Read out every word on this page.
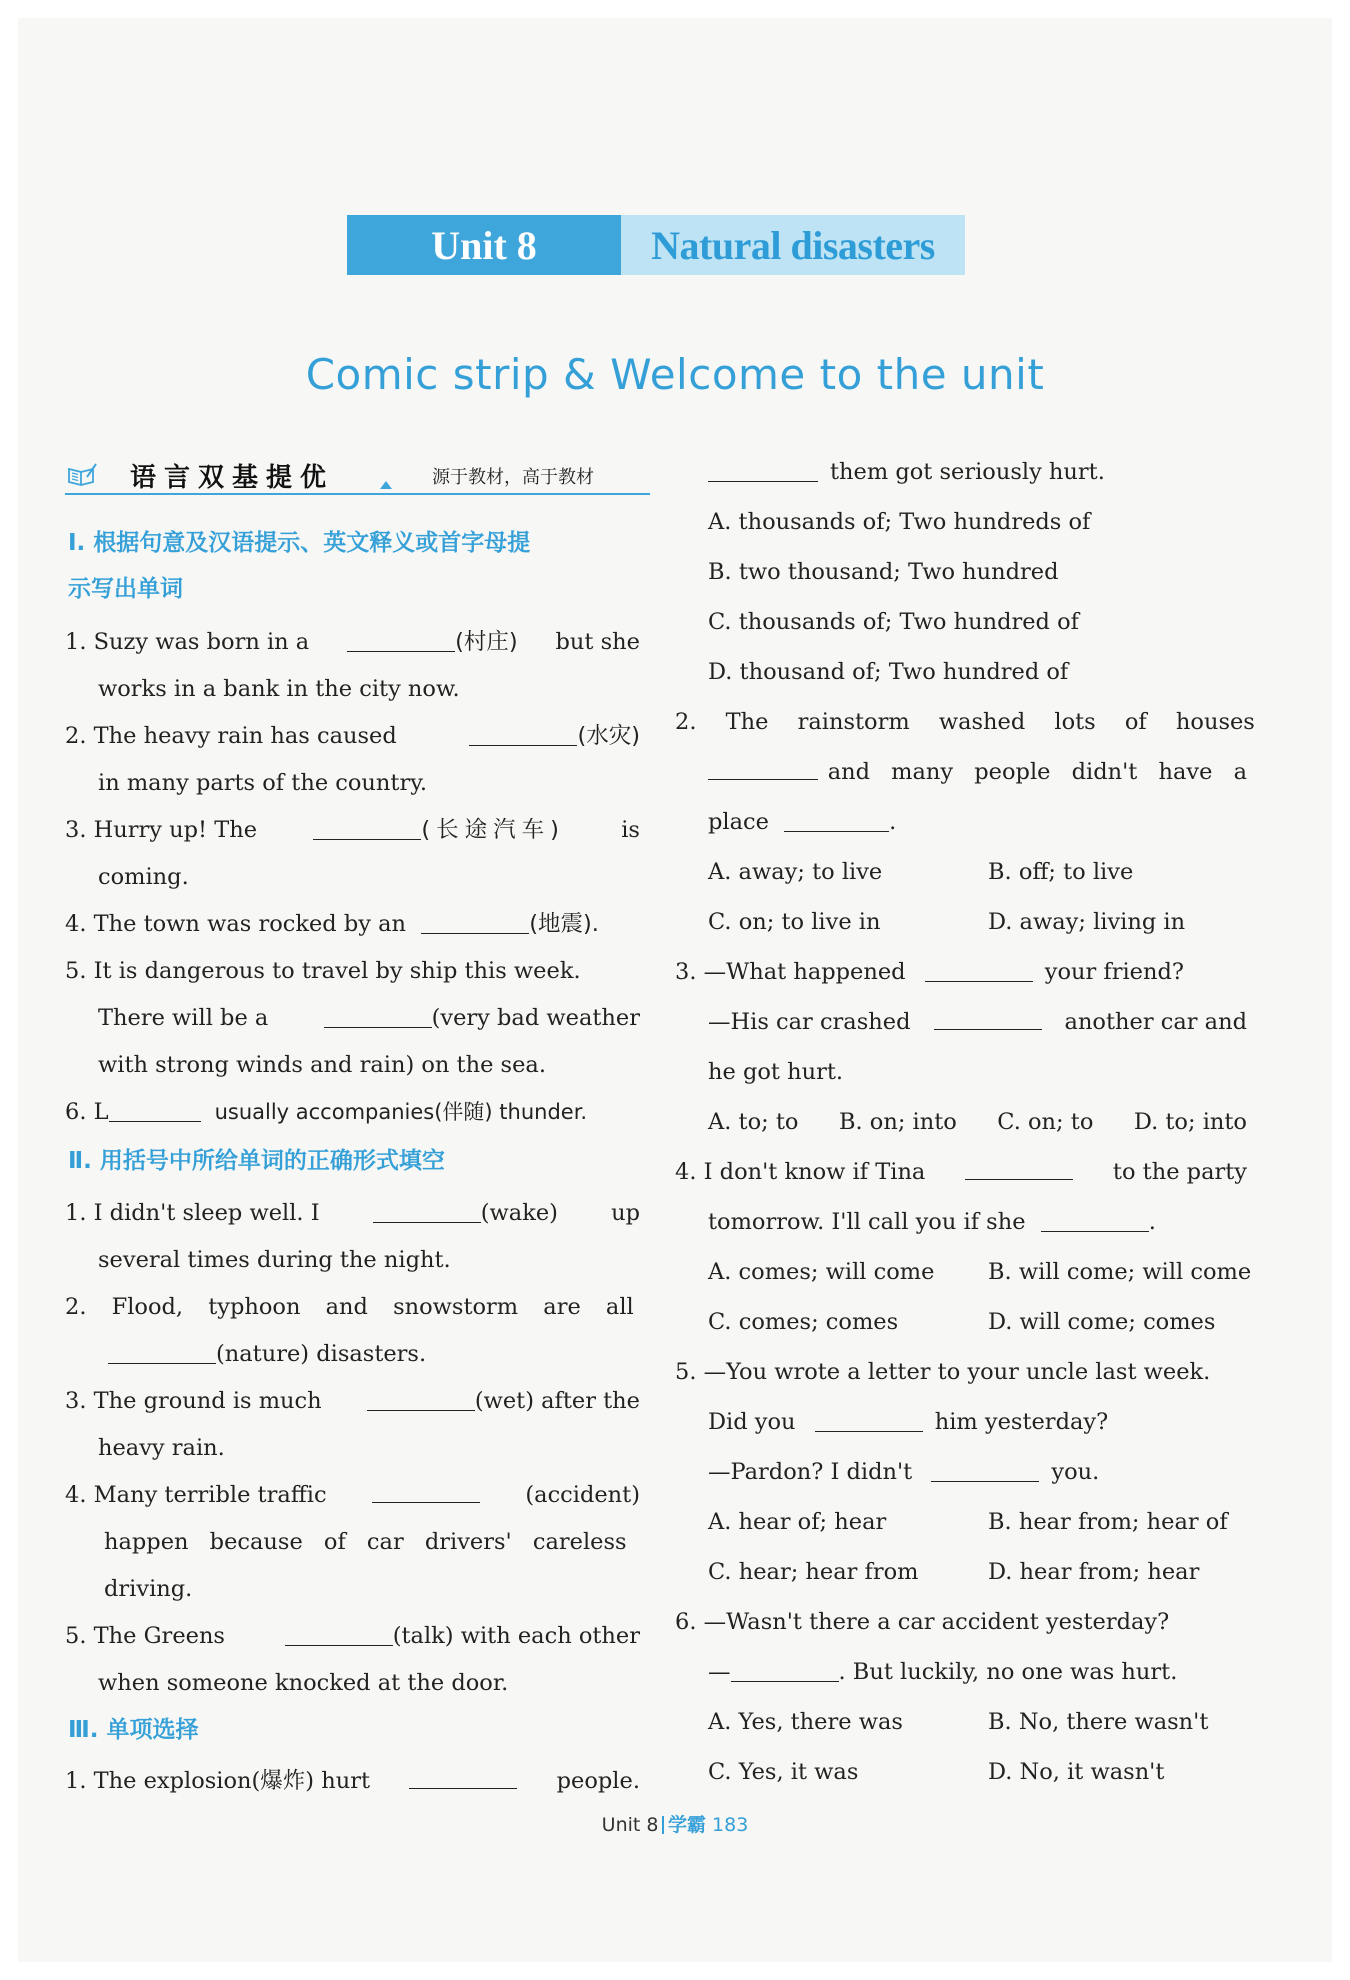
Unit 8	Natural disasters
Comic strip & Welcome to the unit
语言双基提优	源于教材，高于教材
Ⅰ. 根据句意及汉语提示、英文释义或首字母提
示写出单词
1. Suzy was born in a	(村庄) but she
works in a bank in the city now.
2. The heavy rain has caused	(水灾)
in many parts of the country.
3. Hurry up! The	(长途汽车)	is
coming.
4. The town was rocked by an	(地震).
5. It is dangerous to travel by ship this week.
There will be a	(very bad weather
with strong winds and rain) on the sea.
6. L	usually accompanies(伴随) thunder.
Ⅱ. 用括号中所给单词的正确形式填空
1. I didn't sleep well. I	(wake) up
several times during the night.
2. Flood, typhoon and snowstorm are all
(nature) disasters.
3. The ground is much	(wet) after the
heavy rain.
4. Many terrible traffic	(accident)
happen because of car drivers' careless
driving.
5. The Greens	(talk) with each other
when someone knocked at the door.
Ⅲ. 单项选择
1. The explosion(爆炸) hurt	people.
them got seriously hurt.
A. thousands of; Two hundreds of
B. two thousand; Two hundred
C. thousands of; Two hundred of
D. thousand of; Two hundred of
2. The rainstorm washed lots of houses
and many people didn't have a
place	.
A. away; to live	B. off; to live
C. on; to live in	D. away; living in
3. —What happened	your friend?
—His car crashed	another car and
he got hurt.
A. to; to B. on; into C. on; to D. to; into
4. I don't know if Tina	to the party
tomorrow. I'll call you if she	.
A. comes; will come B. will come; will come
C. comes; comes	D. will come; comes
5. —You wrote a letter to your uncle last week.
Did you	him yesterday?
—Pardon? I didn't	you.
A. hear of; hear	B. hear from; hear of
C. hear; hear from	D. hear from; hear
6. —Wasn't there a car accident yesterday?
—	. But luckily, no one was hurt.
A. Yes, there was	B. No, there wasn't
C. Yes, it was	D. No, it wasn't
Unit 8 学霸 183
